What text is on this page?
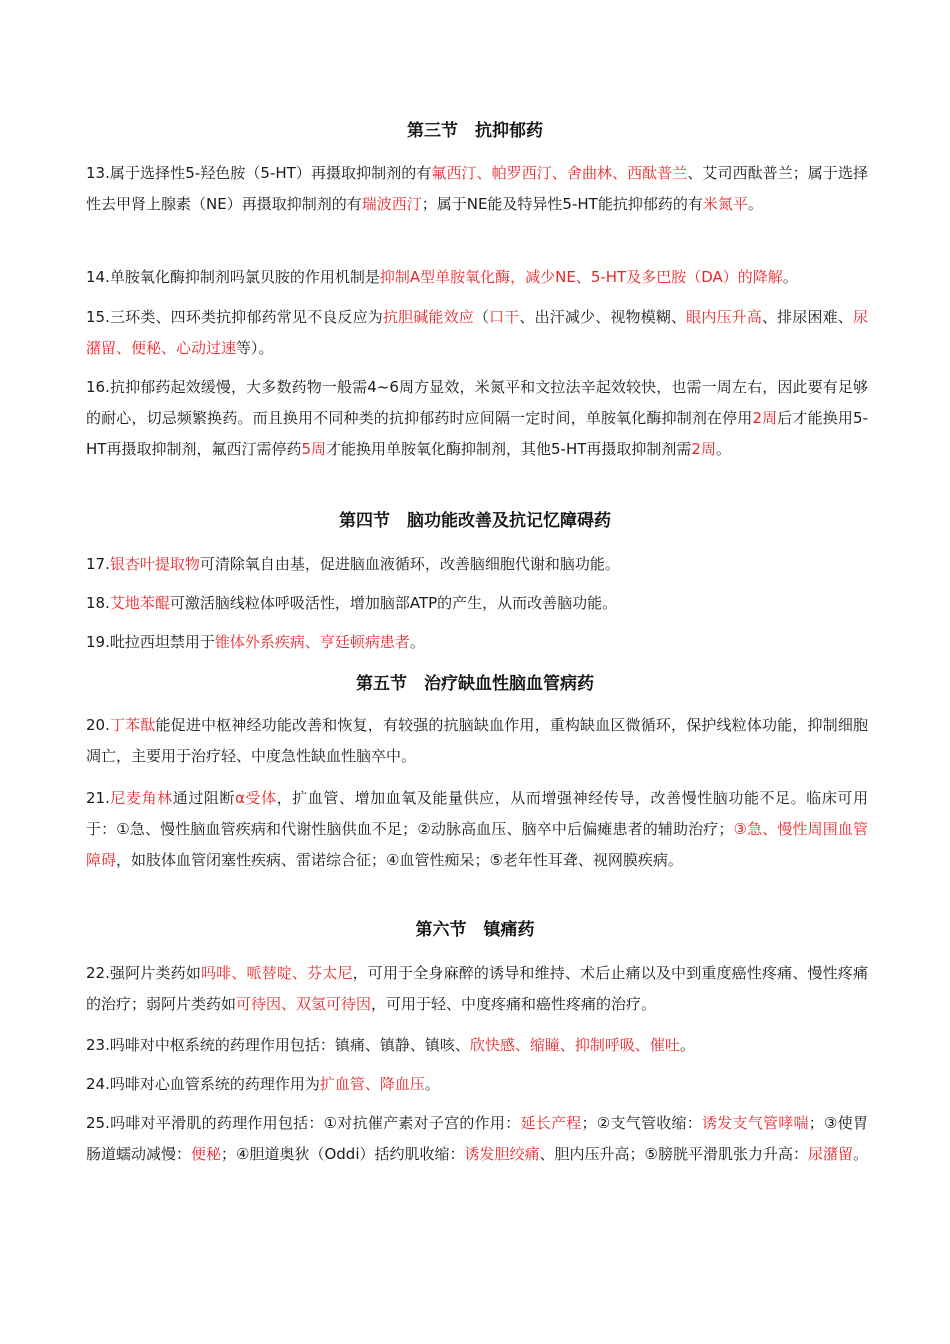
第三节　抗抑郁药

13.属于选择性5-羟色胺（5-HT）再摄取抑制剂的有氟西汀、帕罗西汀、舍曲林、西酞普兰、艾司西酞普兰；属于选择性去甲肾上腺素（NE）再摄取抑制剂的有瑞波西汀；属于NE能及特异性5-HT能抗抑郁药的有米氮平。

14.单胺氧化酶抑制剂吗氯贝胺的作用机制是抑制A型单胺氧化酶，减少NE、5-HT及多巴胺（DA）的降解。

15.三环类、四环类抗抑郁药常见不良反应为抗胆碱能效应（口干、出汗减少、视物模糊、眼内压升高、排尿困难、尿潴留、便秘、心动过速等）。

16.抗抑郁药起效缓慢，大多数药物一般需4~6周方显效，米氮平和文拉法辛起效较快，也需一周左右，因此要有足够的耐心，切忌频繁换药。而且换用不同种类的抗抑郁药时应间隔一定时间，单胺氧化酶抑制剂在停用2周后才能换用5-HT再摄取抑制剂，氟西汀需停药5周才能换用单胺氧化酶抑制剂，其他5-HT再摄取抑制剂需2周。

第四节　脑功能改善及抗记忆障碍药

17.银杏叶提取物可清除氧自由基，促进脑血液循环，改善脑细胞代谢和脑功能。

18.艾地苯醌可激活脑线粒体呼吸活性，增加脑部ATP的产生，从而改善脑功能。

19.吡拉西坦禁用于锥体外系疾病、亨廷顿病患者。

第五节　治疗缺血性脑血管病药

20.丁苯酞能促进中枢神经功能改善和恢复，有较强的抗脑缺血作用，重构缺血区微循环，保护线粒体功能，抑制细胞凋亡，主要用于治疗轻、中度急性缺血性脑卒中。

21.尼麦角林通过阻断α受体，扩血管、增加血氧及能量供应，从而增强神经传导，改善慢性脑功能不足。临床可用于：①急、慢性脑血管疾病和代谢性脑供血不足；②动脉高血压、脑卒中后偏瘫患者的辅助治疗；③急、慢性周围血管障碍，如肢体血管闭塞性疾病、雷诺综合征；④血管性痴呆；⑤老年性耳聋、视网膜疾病。

第六节　镇痛药

22.强阿片类药如吗啡、哌替啶、芬太尼，可用于全身麻醉的诱导和维持、术后止痛以及中到重度癌性疼痛、慢性疼痛的治疗；弱阿片类药如可待因、双氢可待因，可用于轻、中度疼痛和癌性疼痛的治疗。

23.吗啡对中枢系统的药理作用包括：镇痛、镇静、镇咳、欣快感、缩瞳、抑制呼吸、催吐。

24.吗啡对心血管系统的药理作用为扩血管、降血压。

25.吗啡对平滑肌的药理作用包括：①对抗催产素对子宫的作用：延长产程；②支气管收缩：诱发支气管哮喘；③使胃肠道蠕动减慢：便秘；④胆道奥狄（Oddi）括约肌收缩：诱发胆绞痛、胆内压升高；⑤膀胱平滑肌张力升高：尿潴留。
